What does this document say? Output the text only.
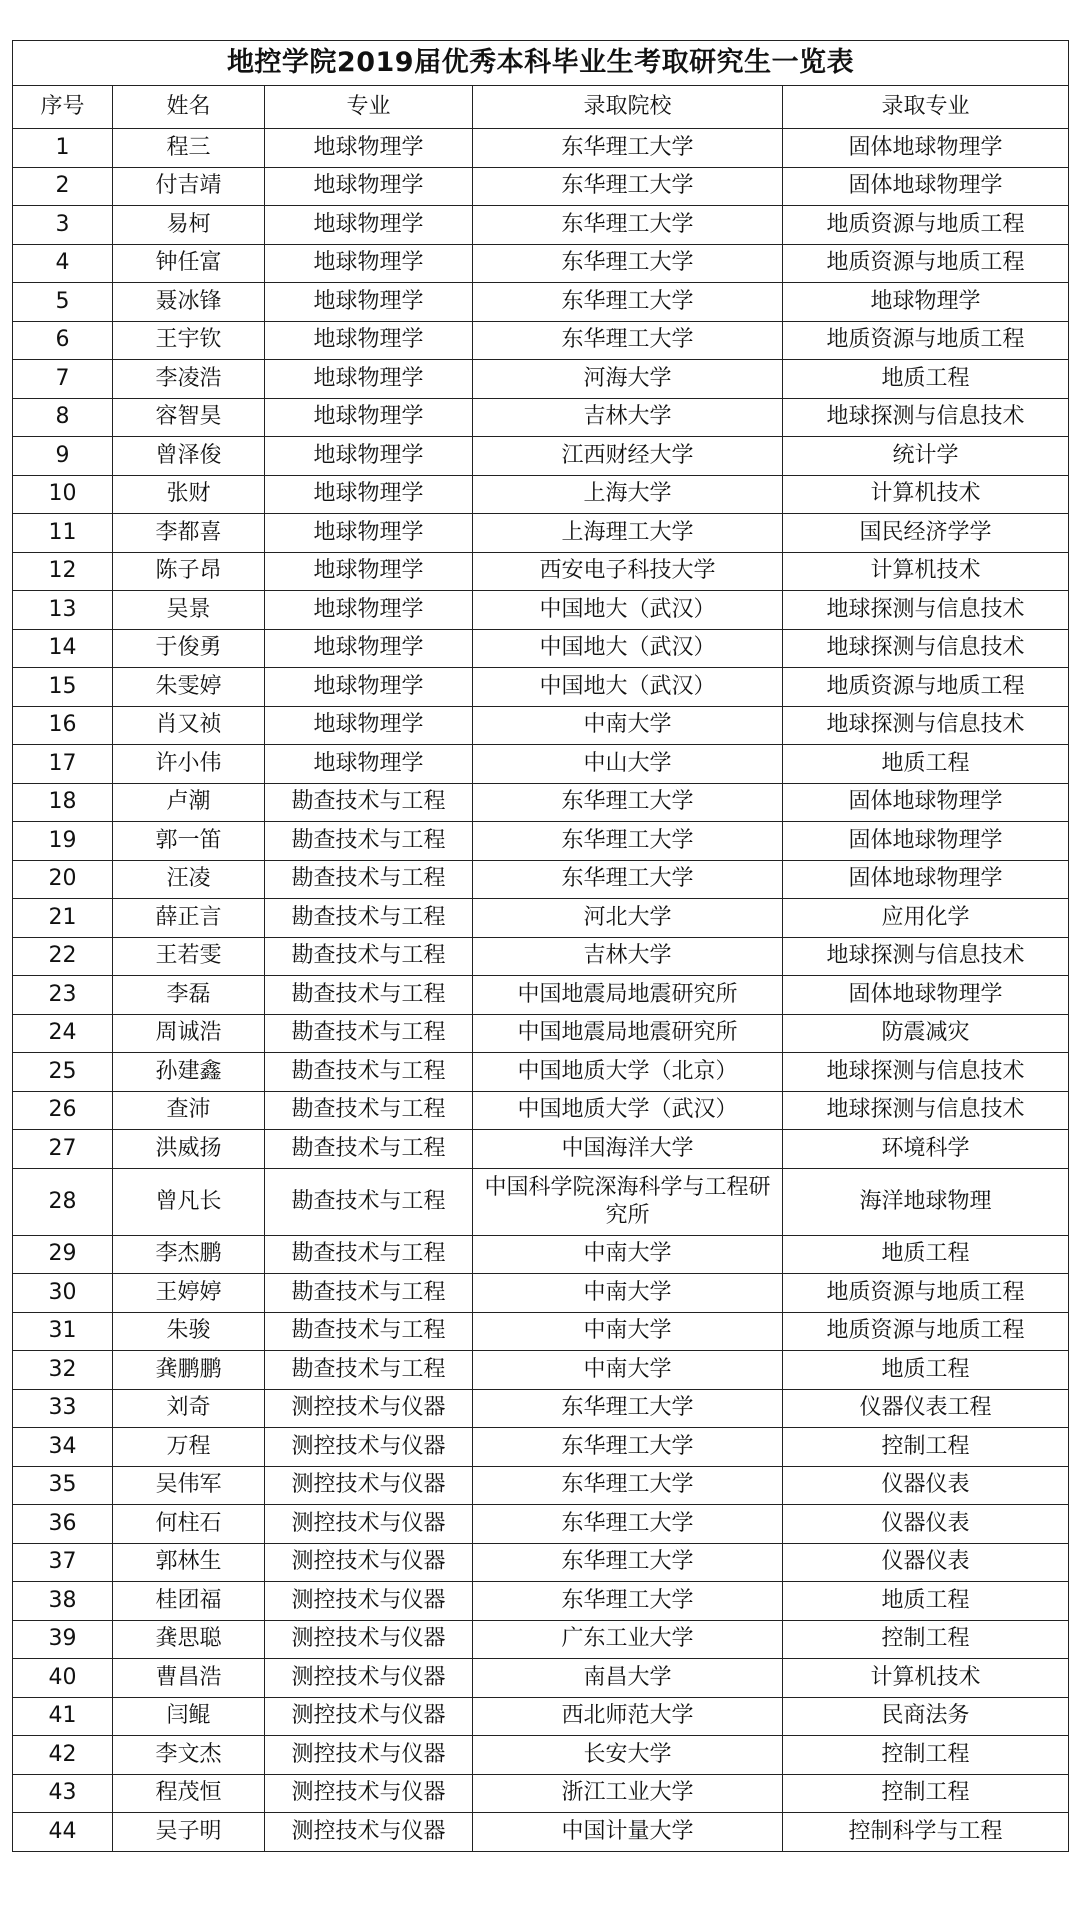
地控学院2019届优秀本科毕业生考取研究生一览表				
序号	姓名	专业	录取院校	录取专业
1	程三	地球物理学	东华理工大学	固体地球物理学
2	付吉靖	地球物理学	东华理工大学	固体地球物理学
3	易柯	地球物理学	东华理工大学	地质资源与地质工程
4	钟任富	地球物理学	东华理工大学	地质资源与地质工程
5	聂冰锋	地球物理学	东华理工大学	地球物理学
6	王宇钦	地球物理学	东华理工大学	地质资源与地质工程
7	李凌浩	地球物理学	河海大学	地质工程
8	容智昊	地球物理学	吉林大学	地球探测与信息技术
9	曾泽俊	地球物理学	江西财经大学	统计学
10	张财	地球物理学	上海大学	计算机技术
11	李都喜	地球物理学	上海理工大学	国民经济学学
12	陈子昂	地球物理学	西安电子科技大学	计算机技术
13	吴景	地球物理学	中国地大（武汉）	地球探测与信息技术
14	于俊勇	地球物理学	中国地大（武汉）	地球探测与信息技术
15	朱雯婷	地球物理学	中国地大（武汉）	地质资源与地质工程
16	肖又祯	地球物理学	中南大学	地球探测与信息技术
17	许小伟	地球物理学	中山大学	地质工程
18	卢潮	勘查技术与工程	东华理工大学	固体地球物理学
19	郭一笛	勘查技术与工程	东华理工大学	固体地球物理学
20	汪凌	勘查技术与工程	东华理工大学	固体地球物理学
21	薛正言	勘查技术与工程	河北大学	应用化学
22	王若雯	勘查技术与工程	吉林大学	地球探测与信息技术
23	李磊	勘查技术与工程	中国地震局地震研究所	固体地球物理学
24	周诚浩	勘查技术与工程	中国地震局地震研究所	防震减灾
25	孙建鑫	勘查技术与工程	中国地质大学（北京）	地球探测与信息技术
26	查沛	勘查技术与工程	中国地质大学（武汉）	地球探测与信息技术
27	洪威扬	勘查技术与工程	中国海洋大学	环境科学
28	曾凡长	勘查技术与工程	中国科学院深海科学与工程研究所	海洋地球物理
29	李杰鹏	勘查技术与工程	中南大学	地质工程
30	王婷婷	勘查技术与工程	中南大学	地质资源与地质工程
31	朱骏	勘查技术与工程	中南大学	地质资源与地质工程
32	龚鹏鹏	勘查技术与工程	中南大学	地质工程
33	刘奇	测控技术与仪器	东华理工大学	仪器仪表工程
34	万程	测控技术与仪器	东华理工大学	控制工程
35	吴伟军	测控技术与仪器	东华理工大学	仪器仪表
36	何柱石	测控技术与仪器	东华理工大学	仪器仪表
37	郭林生	测控技术与仪器	东华理工大学	仪器仪表
38	桂团福	测控技术与仪器	东华理工大学	地质工程
39	龚思聪	测控技术与仪器	广东工业大学	控制工程
40	曹昌浩	测控技术与仪器	南昌大学	计算机技术
41	闫鲲	测控技术与仪器	西北师范大学	民商法务
42	李文杰	测控技术与仪器	长安大学	控制工程
43	程茂恒	测控技术与仪器	浙江工业大学	控制工程
44	吴子明	测控技术与仪器	中国计量大学	控制科学与工程
